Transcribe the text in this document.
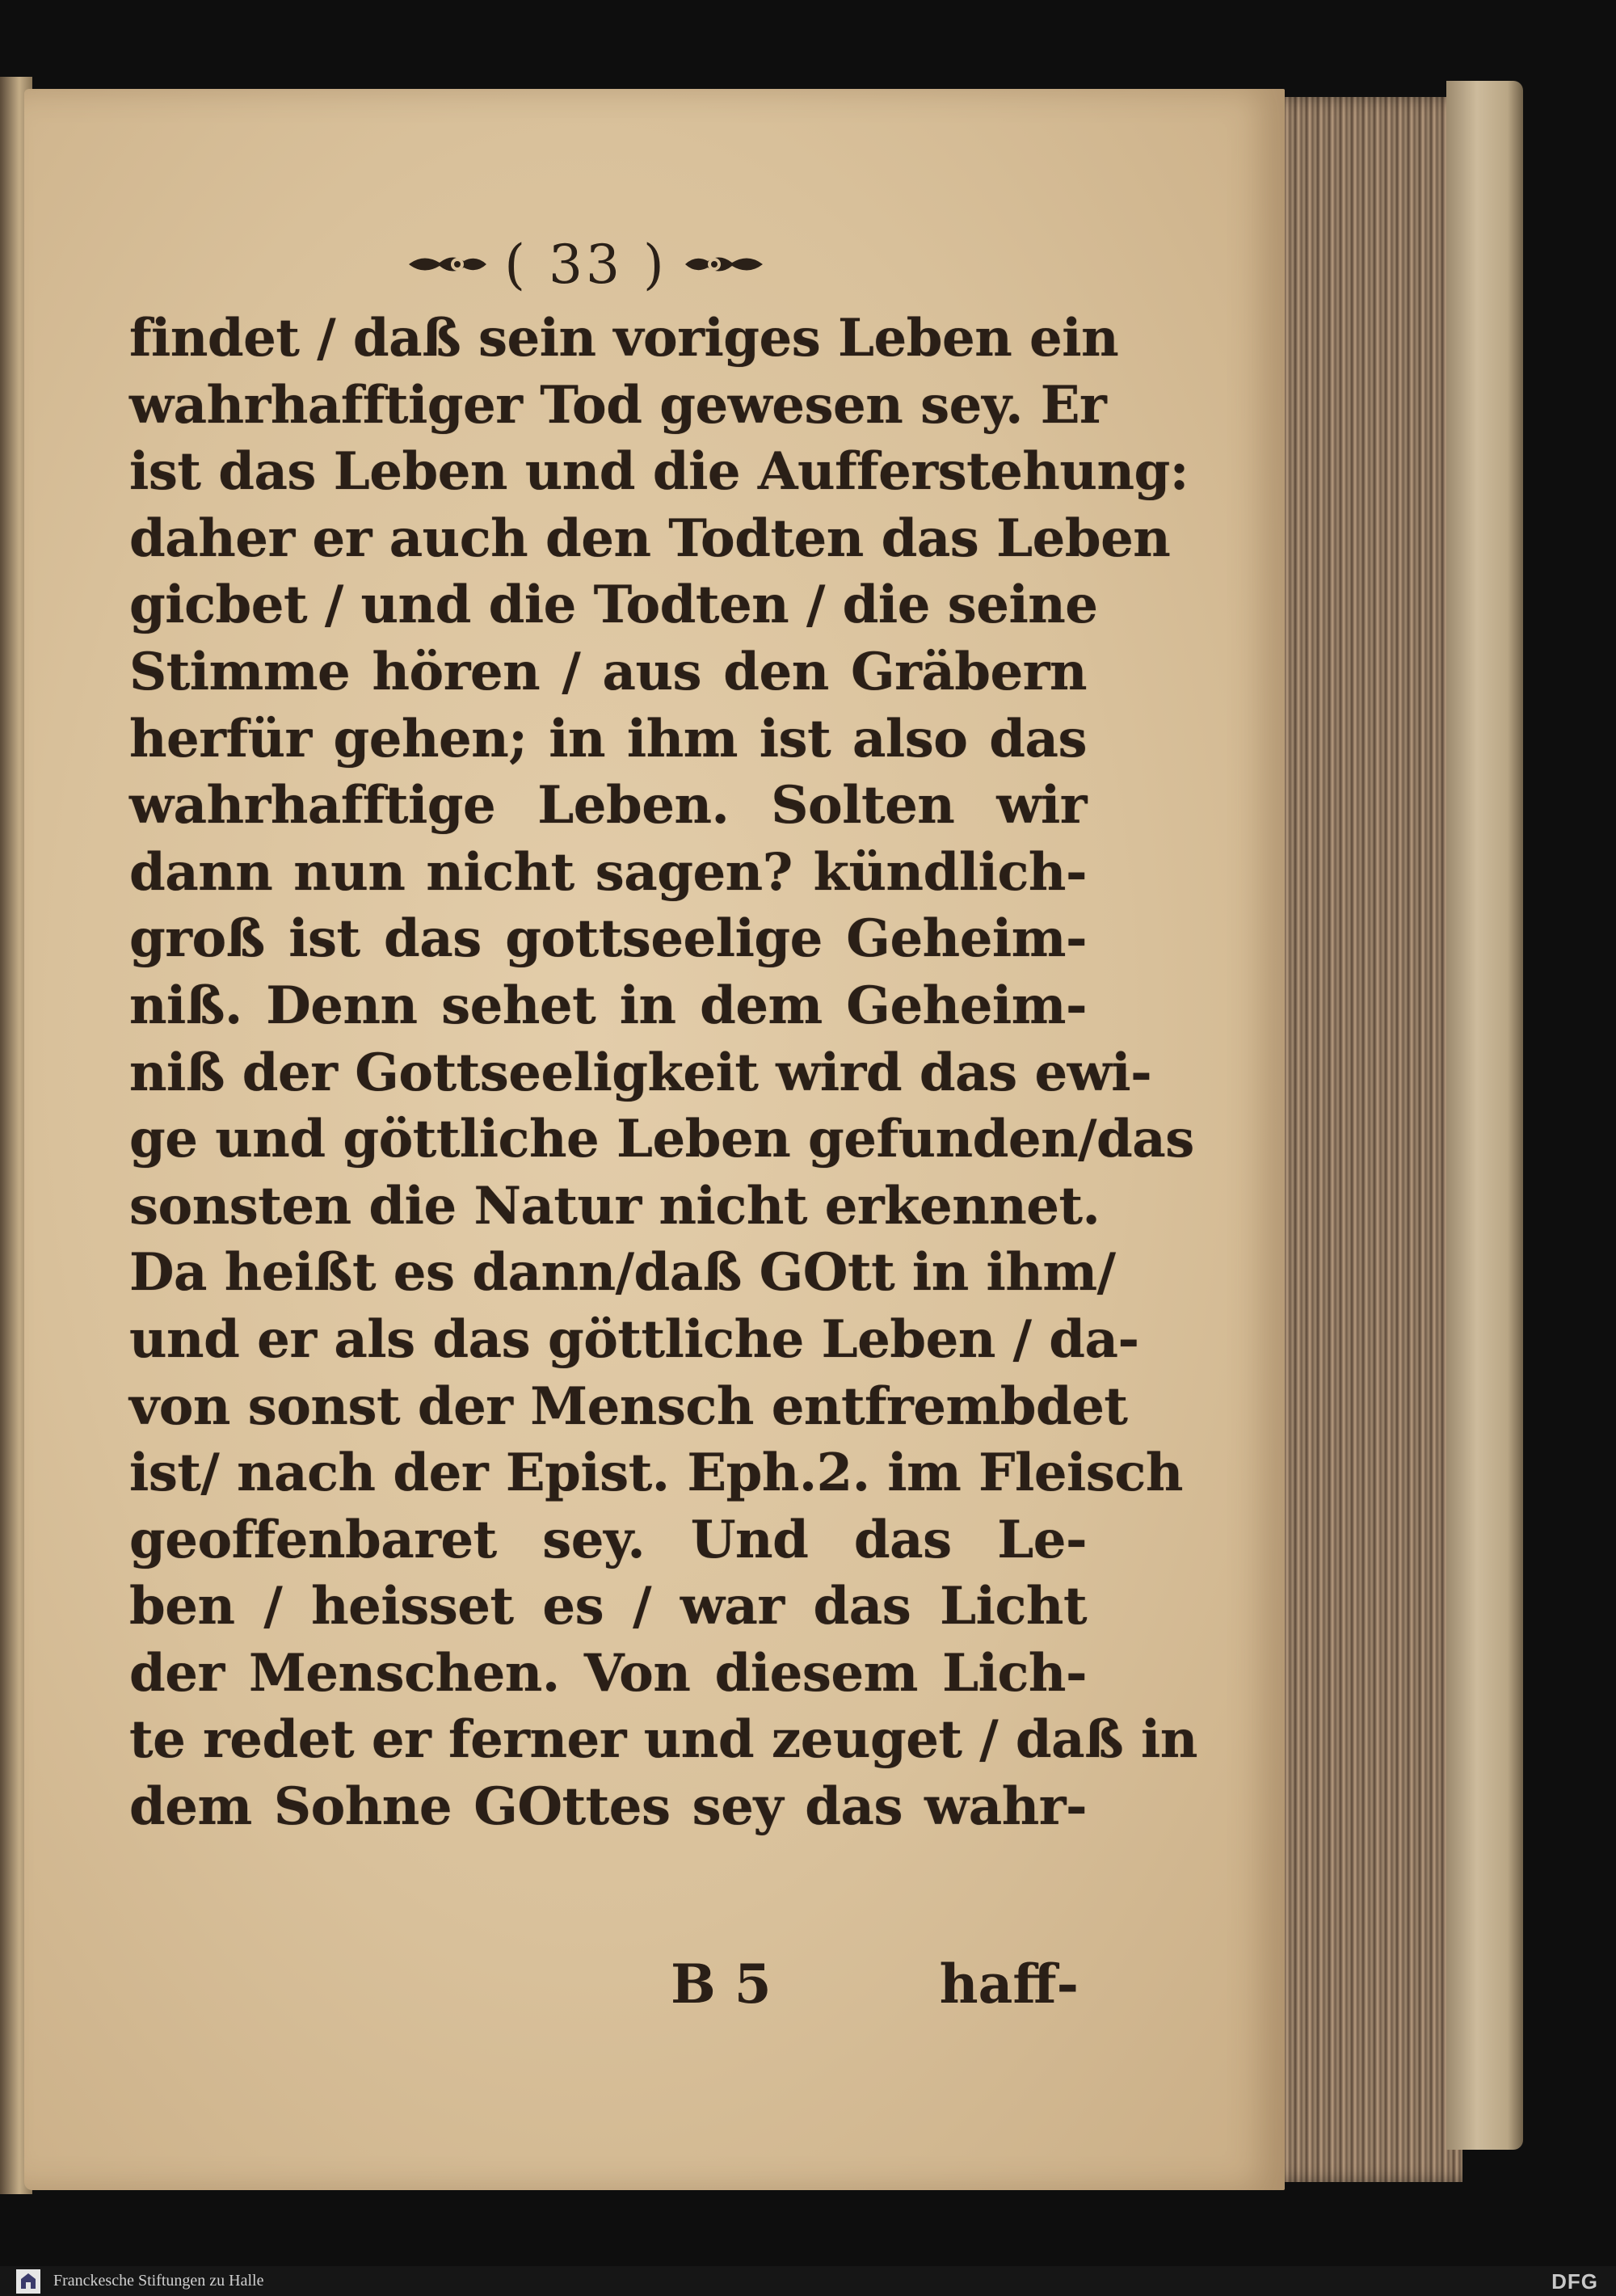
( 33 )
findet / daß sein voriges Leben ein
wahrhafftiger Tod gewesen sey. Er
ist das Leben und die Aufferstehung:
daher er auch den Todten das Leben
gicbet / und die Todten / die seine
Stimme hören / aus den Gräbern
herfür gehen; in ihm ist also das
wahrhafftige Leben. Solten wir
dann nun nicht sagen? kündlich-
groß ist das gottseelige Geheim-
niß. Denn sehet in dem Geheim-
niß der Gottseeligkeit wird das ewi-
ge und göttliche Leben gefunden/das
sonsten die Natur nicht erkennet.
Da heißt es dann/daß GOtt in ihm/
und er als das göttliche Leben / da-
von sonst der Mensch entfrembdet
ist/ nach der Epist. Eph.2. im Fleisch
geoffenbaret sey. Und das Le-
ben / heisset es / war das Licht
der Menschen. Von diesem Lich-
te redet er ferner und zeuget / daß in
dem Sohne GOttes sey das wahr-
B 5	haff-
Franckesche Stiftungen zu Halle	DFG
